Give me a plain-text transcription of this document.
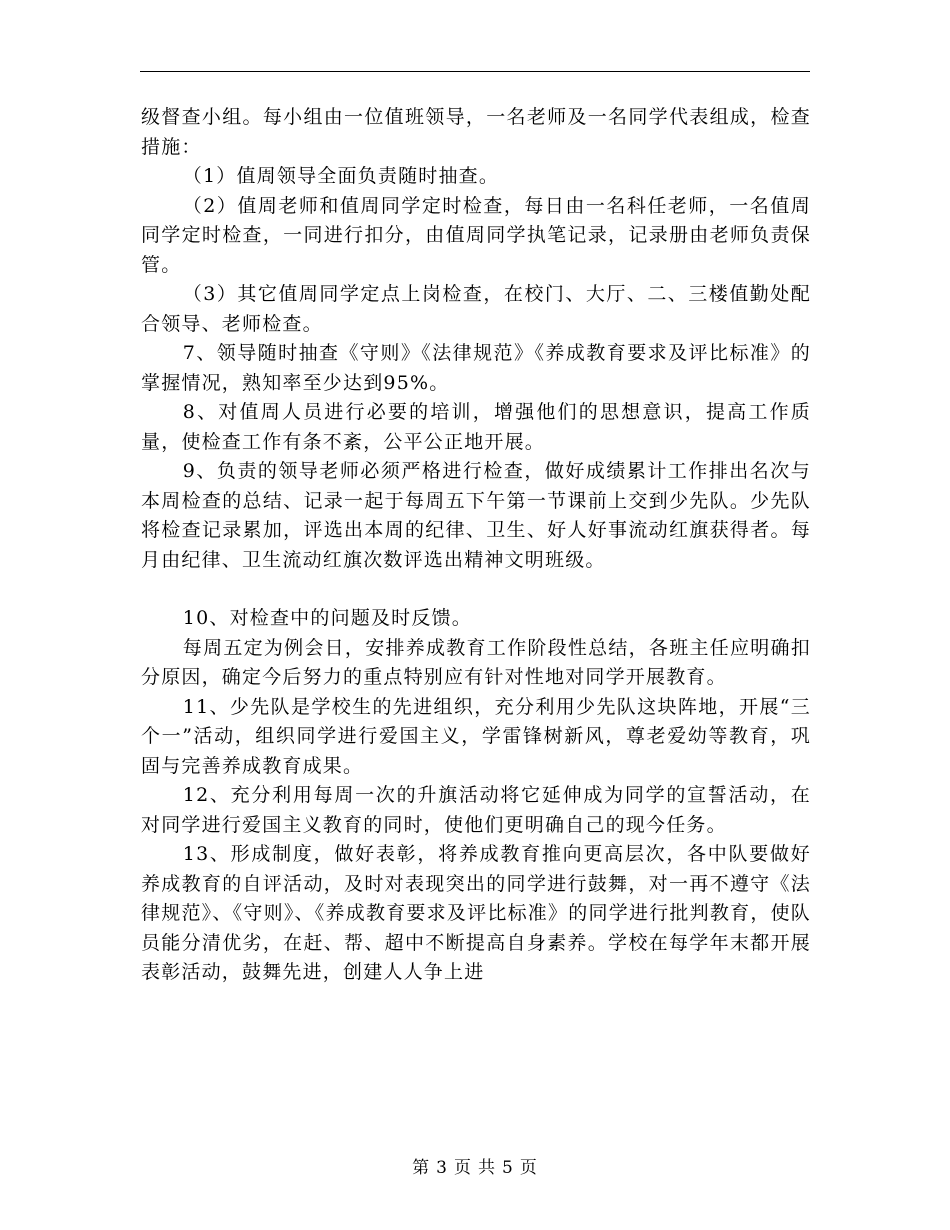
级督查小组。每小组由一位值班领导，一名老师及一名同学代表组成，检查措施：

（1）值周领导全面负责随时抽查。

（2）值周老师和值周同学定时检查，每日由一名科任老师，一名值周同学定时检查，一同进行扣分，由值周同学执笔记录，记录册由老师负责保管。

（3）其它值周同学定点上岗检查，在校门、大厅、二、三楼值勤处配合领导、老师检查。

7、领导随时抽查《守则》《法律规范》《养成教育要求及评比标准》的掌握情况，熟知率至少达到95%。

8、对值周人员进行必要的培训，增强他们的思想意识，提高工作质量，使检查工作有条不紊，公平公正地开展。

9、负责的领导老师必须严格进行检查，做好成绩累计工作排出名次与本周检查的总结、记录一起于每周五下午第一节课前上交到少先队。少先队将检查记录累加，评选出本周的纪律、卫生、好人好事流动红旗获得者。每月由纪律、卫生流动红旗次数评选出精神文明班级。

10、对检查中的问题及时反馈。

每周五定为例会日，安排养成教育工作阶段性总结，各班主任应明确扣分原因，确定今后努力的重点特别应有针对性地对同学开展教育。

11、少先队是学校生的先进组织，充分利用少先队这块阵地，开展“三个一”活动，组织同学进行爱国主义，学雷锋树新风，尊老爱幼等教育，巩固与完善养成教育成果。

12、充分利用每周一次的升旗活动将它延伸成为同学的宣誓活动，在对同学进行爱国主义教育的同时，使他们更明确自己的现今任务。

13、形成制度，做好表彰，将养成教育推向更高层次，各中队要做好养成教育的自评活动，及时对表现突出的同学进行鼓舞，对一再不遵守《法律规范》、《守则》、《养成教育要求及评比标准》的同学进行批判教育，使队员能分清优劣，在赶、帮、超中不断提高自身素养。学校在每学年末都开展表彰活动，鼓舞先进，创建人人争上进

第 3 页 共 5 页
